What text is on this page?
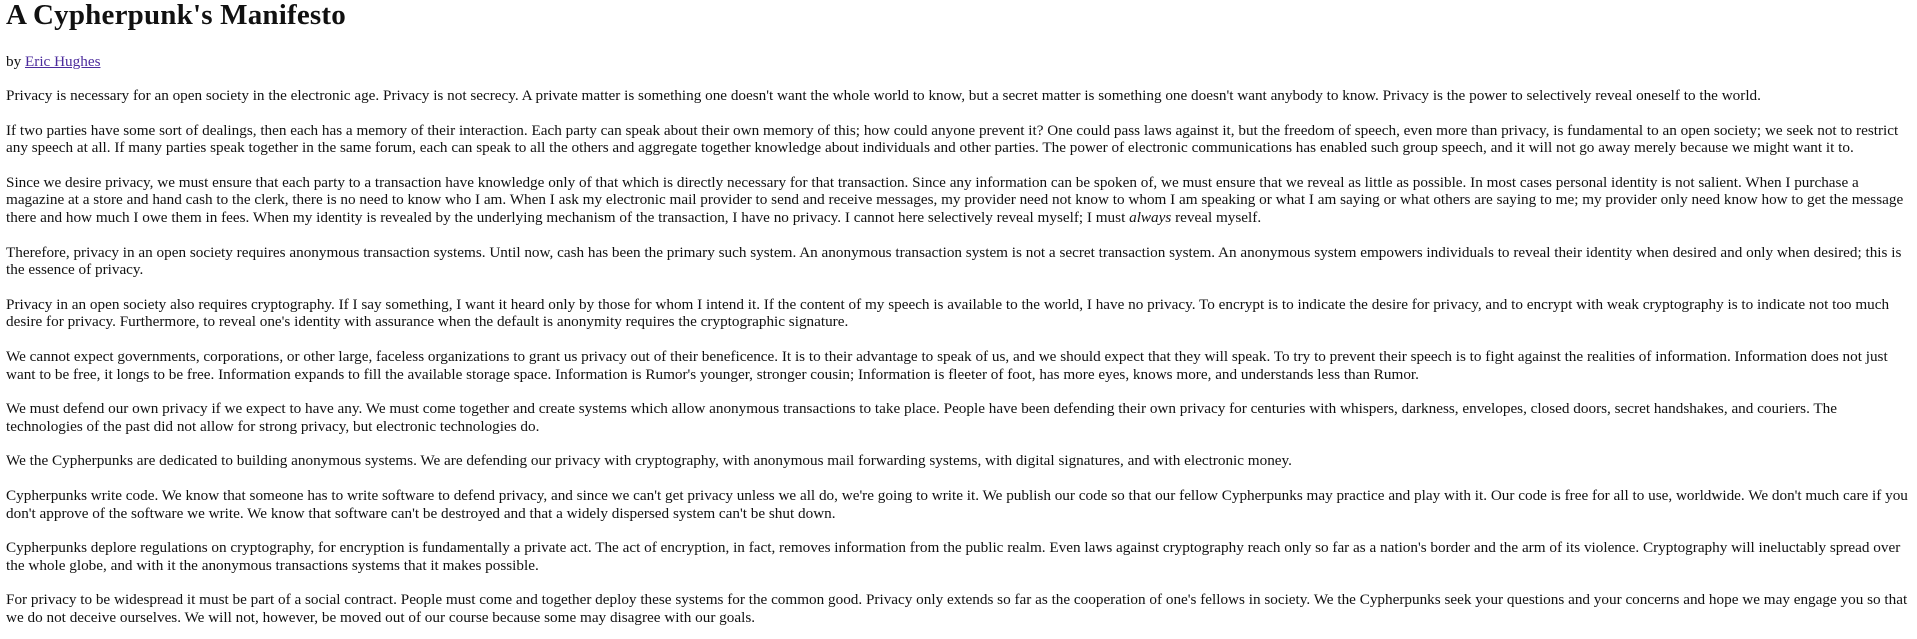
A Cypherpunk's Manifesto
by Eric Hughes

Privacy is necessary for an open society in the electronic age. Privacy is not secrecy. A private matter is something one doesn't want the whole world to know, but a secret matter is something one doesn't want anybody to know. Privacy is the power to selectively reveal oneself to the world.

If two parties have some sort of dealings, then each has a memory of their interaction. Each party can speak about their own memory of this; how could anyone prevent it? One could pass laws against it, but the freedom of speech, even more than privacy, is fundamental to an open society; we seek not to restrict any speech at all. If many parties speak together in the same forum, each can speak to all the others and aggregate together knowledge about individuals and other parties. The power of electronic communications has enabled such group speech, and it will not go away merely because we might want it to.

Since we desire privacy, we must ensure that each party to a transaction have knowledge only of that which is directly necessary for that transaction. Since any information can be spoken of, we must ensure that we reveal as little as possible. In most cases personal identity is not salient. When I purchase a magazine at a store and hand cash to the clerk, there is no need to know who I am. When I ask my electronic mail provider to send and receive messages, my provider need not know to whom I am speaking or what I am saying or what others are saying to me; my provider only need know how to get the message there and how much I owe them in fees. When my identity is revealed by the underlying mechanism of the transaction, I have no privacy. I cannot here selectively reveal myself; I must always reveal myself.

Therefore, privacy in an open society requires anonymous transaction systems. Until now, cash has been the primary such system. An anonymous transaction system is not a secret transaction system. An anonymous system empowers individuals to reveal their identity when desired and only when desired; this is the essence of privacy.

Privacy in an open society also requires cryptography. If I say something, I want it heard only by those for whom I intend it. If the content of my speech is available to the world, I have no privacy. To encrypt is to indicate the desire for privacy, and to encrypt with weak cryptography is to indicate not too much desire for privacy. Furthermore, to reveal one's identity with assurance when the default is anonymity requires the cryptographic signature.

We cannot expect governments, corporations, or other large, faceless organizations to grant us privacy out of their beneficence. It is to their advantage to speak of us, and we should expect that they will speak. To try to prevent their speech is to fight against the realities of information. Information does not just want to be free, it longs to be free. Information expands to fill the available storage space. Information is Rumor's younger, stronger cousin; Information is fleeter of foot, has more eyes, knows more, and understands less than Rumor.

We must defend our own privacy if we expect to have any. We must come together and create systems which allow anonymous transactions to take place. People have been defending their own privacy for centuries with whispers, darkness, envelopes, closed doors, secret handshakes, and couriers. The technologies of the past did not allow for strong privacy, but electronic technologies do.

We the Cypherpunks are dedicated to building anonymous systems. We are defending our privacy with cryptography, with anonymous mail forwarding systems, with digital signatures, and with electronic money.

Cypherpunks write code. We know that someone has to write software to defend privacy, and since we can't get privacy unless we all do, we're going to write it. We publish our code so that our fellow Cypherpunks may practice and play with it. Our code is free for all to use, worldwide. We don't much care if you don't approve of the software we write. We know that software can't be destroyed and that a widely dispersed system can't be shut down.

Cypherpunks deplore regulations on cryptography, for encryption is fundamentally a private act. The act of encryption, in fact, removes information from the public realm. Even laws against cryptography reach only so far as a nation's border and the arm of its violence. Cryptography will ineluctably spread over the whole globe, and with it the anonymous transactions systems that it makes possible.

For privacy to be widespread it must be part of a social contract. People must come and together deploy these systems for the common good. Privacy only extends so far as the cooperation of one's fellows in society. We the Cypherpunks seek your questions and your concerns and hope we may engage you so that we do not deceive ourselves. We will not, however, be moved out of our course because some may disagree with our goals.
